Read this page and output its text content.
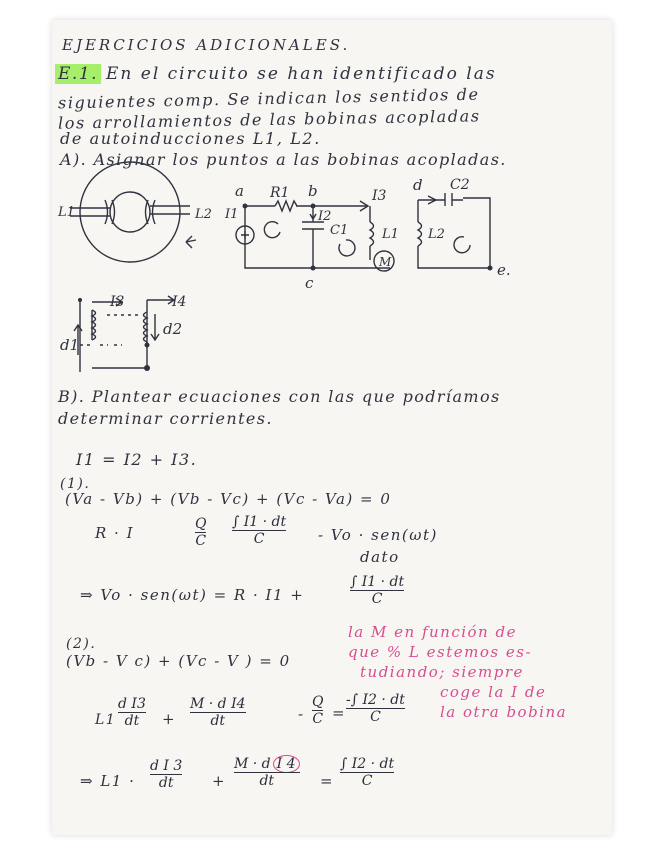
EJERCICIOS ADICIONALES.
E.1. En el circuito se han identificado las
siguientes comp. Se indican los sentidos de
los arrollamientos de las bobinas acopladas
de autoinducciones L1, L2.
A). Asignar los puntos a las bobinas acopladas.
a R1 b	I3
I1	I2
C1	L1
M
c
d C2
L2
e.
L1	L2
I3	I4
d1
d2
B). Plantear ecuaciones con las que podríamos
determinar corrientes.
I1 = I2 + I3.
(1).
(Va - Vb) + (Vb - Vc) + (Vc - Va) = 0
R · I	Q
C
∫ I1 · dt
C	- Vo · sen(ωt)
dato
⇒ Vo · sen(ωt) = R · I1 +
∫ I1 · dt
C
(2).
(Vb - V c) + (Vc - V ) = 0
L1
d I3
dt +
M · d I4
dt	-
Q
C =
-∫ I2 · dt
C
la M en función de
que % L estemos es-
tudiando; siempre
coge la I de
la otra bobina
⇒ L1 ·
d I 3
dt	+
M · d I 4
dt	=
∫ I2 · dt
C
